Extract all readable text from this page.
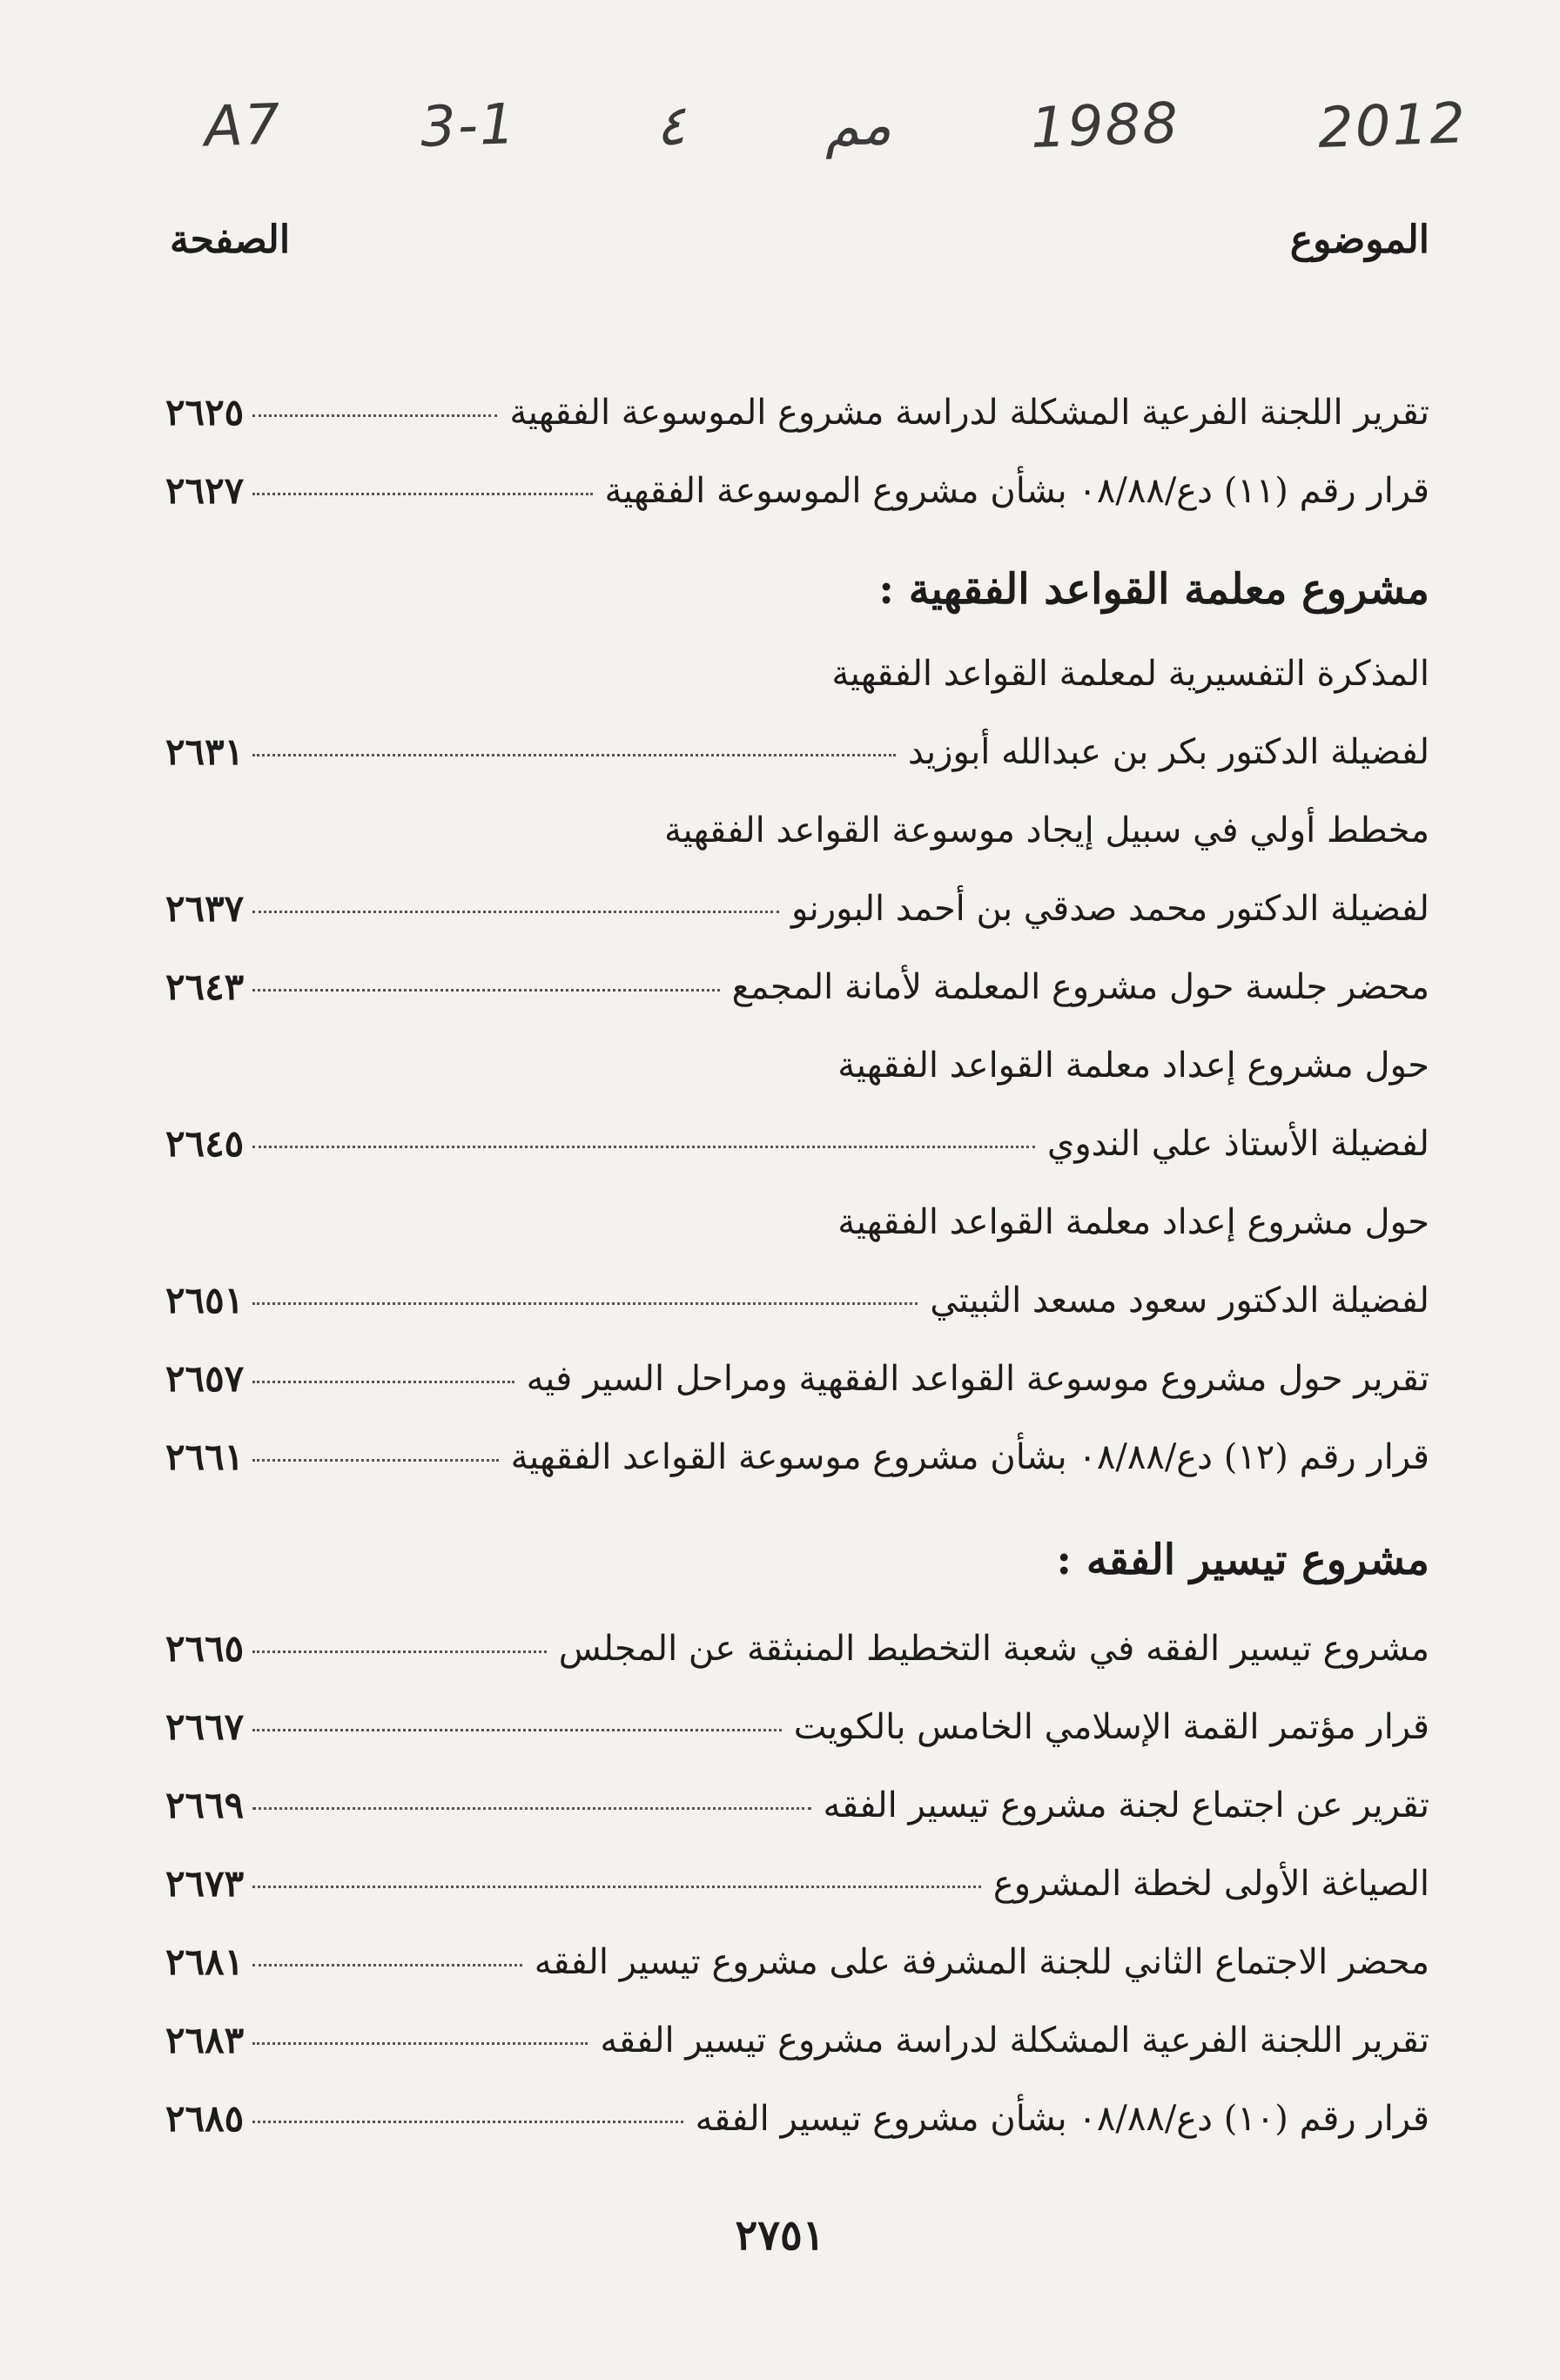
2012
1988
مم
٤
3-1
A7
الموضوع
الصفحة
تقرير اللجنة الفرعية المشكلة لدراسة مشروع الموسوعة الفقهية
٢٦٢٥
قرار رقم (١١) دع/٠٨/٨٨ بشأن مشروع الموسوعة الفقهية
٢٦٢٧
مشروع معلمة القواعد الفقهية :
المذكرة التفسيرية لمعلمة القواعد الفقهية
لفضيلة الدكتور بكر بن عبدالله أبوزيد
٢٦٣١
مخطط أولي في سبيل إيجاد موسوعة القواعد الفقهية
لفضيلة الدكتور محمد صدقي بن أحمد البورنو
٢٦٣٧
محضر جلسة حول مشروع المعلمة لأمانة المجمع
٢٦٤٣
حول مشروع إعداد معلمة القواعد الفقهية
لفضيلة الأستاذ علي الندوي
٢٦٤٥
حول مشروع إعداد معلمة القواعد الفقهية
لفضيلة الدكتور سعود مسعد الثبيتي
٢٦٥١
تقرير حول مشروع موسوعة القواعد الفقهية ومراحل السير فيه
٢٦٥٧
قرار رقم (١٢) دع/٠٨/٨٨ بشأن مشروع موسوعة القواعد الفقهية
٢٦٦١
مشروع تيسير الفقه :
مشروع تيسير الفقه في شعبة التخطيط المنبثقة عن المجلس
٢٦٦٥
قرار مؤتمر القمة الإسلامي الخامس بالكويت
٢٦٦٧
تقرير عن اجتماع لجنة مشروع تيسير الفقه
٢٦٦٩
الصياغة الأولى لخطة المشروع
٢٦٧٣
محضر الاجتماع الثاني للجنة المشرفة على مشروع تيسير الفقه
٢٦٨١
تقرير اللجنة الفرعية المشكلة لدراسة مشروع تيسير الفقه
٢٦٨٣
قرار رقم (١٠) دع/٠٨/٨٨ بشأن مشروع تيسير الفقه
٢٦٨٥
٢٧٥١
